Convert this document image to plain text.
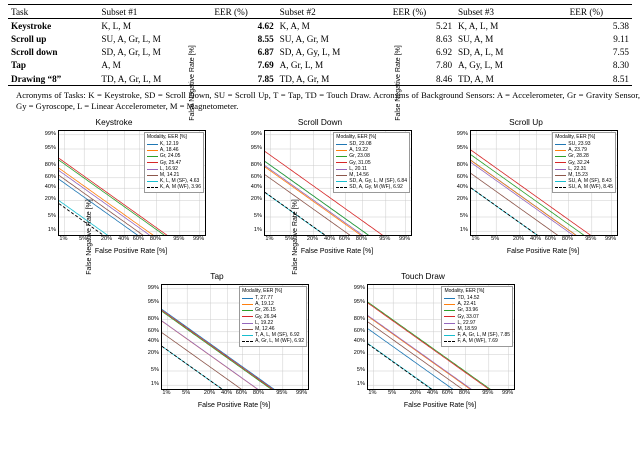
Task	Subset #1	EER (%)	Subset #2	EER (%)	Subset #3	EER (%)
Keystroke	K, L, M	4.62	K, A, M	5.21	K, A, L, M	5.38
Scroll up	SU, A, Gr, L, M	8.55	SU, A, Gr, M	8.63	SU, A, M	9.11
Scroll down	SD, A, Gr, L, M	6.87	SD, A, Gy, L, M	6.92	SD, A, L, M	7.55
Tap	A, M	7.69	A, Gr, L, M	7.80	A, Gy, L, M	8.30
Drawing “8”	TD, A, Gr, L, M	7.85	TD, A, Gr, M	8.46	TD, A, M	8.51
Acronyms of Tasks: K = Keystroke, SD = Scroll Down, SU = Scroll Up, T = Tap, TD = Touch Draw. Acronyms of Background Sensors: A = Accelerometer, Gr = Gravity Sensor, Gy = Gyroscope, L = Linear Accelerometer, M = Magnetometer.
Keystroke
1%
5%
20%
40%
60%
80%
95%
99%
1% 5% 20% 40% 60% 80% 95% 99%
Modality, EER [%]
K, 12.19
A, 18.46
Gr, 24.05
Gy, 25.47
L, 16.92
M, 14.21
K, L, M (SF), 4.63
K, A, M (WF), 3.96
False Positive Rate [%]
Scroll Down
1%
5%
20%
40%
60%
80%
95%
99%
1% 5% 20% 40% 60% 80% 95% 99%
Modality, EER [%]
SD, 23.08
A, 19.22
Gr, 23.08
Gy, 31.05
L, 20.11
M, 14.56
SD, A, Gy, L, M (SF), 6.84
SD, A, Gy, M (WF), 6.92
False Negative Rate [%]
False Positive Rate [%]
Scroll Up
1%
5%
20%
40%
60%
80%
95%
99%
1% 5% 20% 40% 60% 80% 95% 99%
Modality, EER [%]
SU, 23.93
A, 23.79
Gr, 28.28
Gy, 32.24
L, 22.31
M, 15.23
SU, A, M (SF), 8.43
SU, A, M (WF), 8.45
False Negative Rate [%]
False Positive Rate [%]
Tap
1%
5%
20%
40%
60%
80%
95%
99%
1% 5% 20% 40% 60% 80% 95% 99%
Modality, EER [%]
T, 27.77
A, 19.12
Gr, 26.15
Gy, 26.94
L, 19.22
M, 12.46
T, A, L, M (SF), 6.92
A, Gr, L, M (WF), 6.92
False Negative Rate [%]
False Positive Rate [%]
Touch Draw
1%
5%
20%
40%
60%
80%
95%
99%
1% 5% 20% 40% 60% 80% 95% 99%
Modality, EER [%]
TD, 14.52
A, 22.41
Gr, 33.96
Gy, 33.07
L, 22.97
M, 18.59
F, A, Gr, L, M (SF), 7.85
F, A, M (WF), 7.69
False Negative Rate [%]
False Positive Rate [%]
